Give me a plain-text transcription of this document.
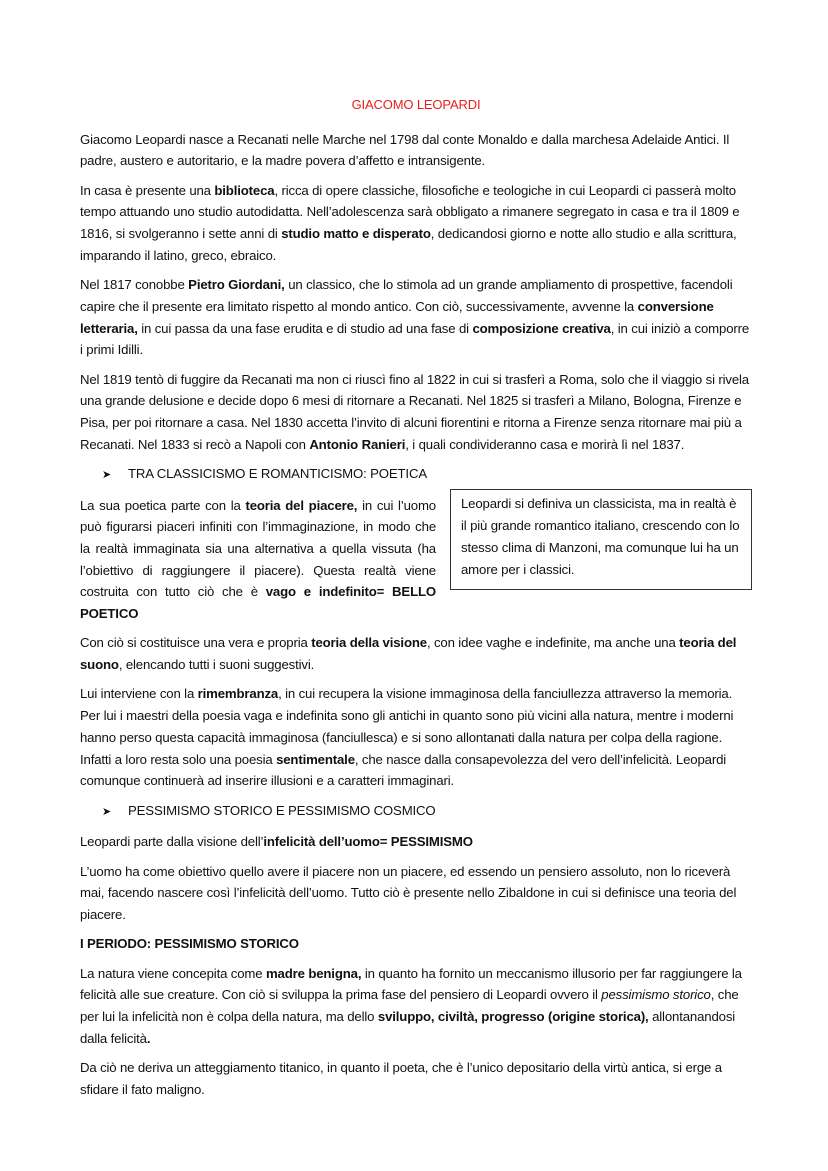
GIACOMO LEOPARDI

Giacomo Leopardi nasce a Recanati nelle Marche nel 1798 dal conte Monaldo e dalla marchesa Adelaide Antici. Il padre, austero e autoritario, e la madre povera d’affetto e intransigente.

In casa è presente una biblioteca, ricca di opere classiche, filosofiche e teologiche in cui Leopardi ci passerà molto tempo attuando uno studio autodidatta. Nell’adolescenza sarà obbligato a rimanere segregato in casa e tra il 1809 e 1816, si svolgeranno i sette anni di studio matto e disperato, dedicandosi giorno e notte allo studio e alla scrittura, imparando il latino, greco, ebraico.

Nel 1817 conobbe Pietro Giordani, un classico, che lo stimola ad un grande ampliamento di prospettive, facendoli capire che il presente era limitato rispetto al mondo antico. Con ciò, successivamente, avvenne la conversione letteraria, in cui passa da una fase erudita e di studio ad una fase di composizione creativa, in cui iniziò a comporre i primi Idilli.

Nel 1819 tentò di fuggire da Recanati ma non ci riuscì fino al 1822 in cui si trasferì a Roma, solo che il viaggio si rivela una grande delusione e decide dopo 6 mesi di ritornare a Recanati. Nel 1825 si trasferì a Milano, Bologna, Firenze e Pisa, per poi ritornare a casa. Nel 1830 accetta l’invito di alcuni fiorentini e ritorna a Firenze senza ritornare mai più a Recanati. Nel 1833 si recò a Napoli con Antonio Ranieri, i quali condivideranno casa e morirà lì nel 1837.

➤ TRA CLASSICISMO E ROMANTICISMO: POETICA
Leopardi si definiva un classicista, ma in realtà è il più grande romantico italiano, crescendo con lo stesso clima di Manzoni, ma comunque lui ha un amore per i classici.

La sua poetica parte con la teoria del piacere, in cui l’uomo può figurarsi piaceri infiniti con l’immaginazione, in modo che la realtà immaginata sia una alternativa a quella vissuta (ha l’obiettivo di raggiungere il piacere). Questa realtà viene costruita con tutto ciò che è vago e indefinito= BELLO POETICO

Con ciò si costituisce una vera e propria teoria della visione, con idee vaghe e indefinite, ma anche una teoria del suono, elencando tutti i suoni suggestivi.

Lui interviene con la rimembranza, in cui recupera la visione immaginosa della fanciullezza attraverso la memoria. Per lui i maestri della poesia vaga e indefinita sono gli antichi in quanto sono più vicini alla natura, mentre i moderni hanno perso questa capacità immaginosa (fanciullesca) e si sono allontanati dalla natura per colpa della ragione. Infatti a loro resta solo una poesia sentimentale, che nasce dalla consapevolezza del vero dell’infelicità. Leopardi comunque continuerà ad inserire illusioni e a caratteri immaginari.

➤ PESSIMISMO STORICO E PESSIMISMO COSMICO

Leopardi parte dalla visione dell’infelicità dell’uomo= PESSIMISMO

L’uomo ha come obiettivo quello avere il piacere non un piacere, ed essendo un pensiero assoluto, non lo riceverà mai, facendo nascere così l’infelicità dell’uomo. Tutto ciò è presente nello Zibaldone in cui si definisce una teoria del piacere.

I PERIODO: PESSIMISMO STORICO

La natura viene concepita come madre benigna, in quanto ha fornito un meccanismo illusorio per far raggiungere la felicità alle sue creature. Con ciò si sviluppa la prima fase del pensiero di Leopardi ovvero il pessimismo storico, che per lui la infelicità non è colpa della natura, ma dello sviluppo, civiltà, progresso (origine storica), allontanandosi dalla felicità.

Da ciò ne deriva un atteggiamento titanico, in quanto il poeta, che è l’unico depositario della virtù antica, si erge a sfidare il fato maligno.
